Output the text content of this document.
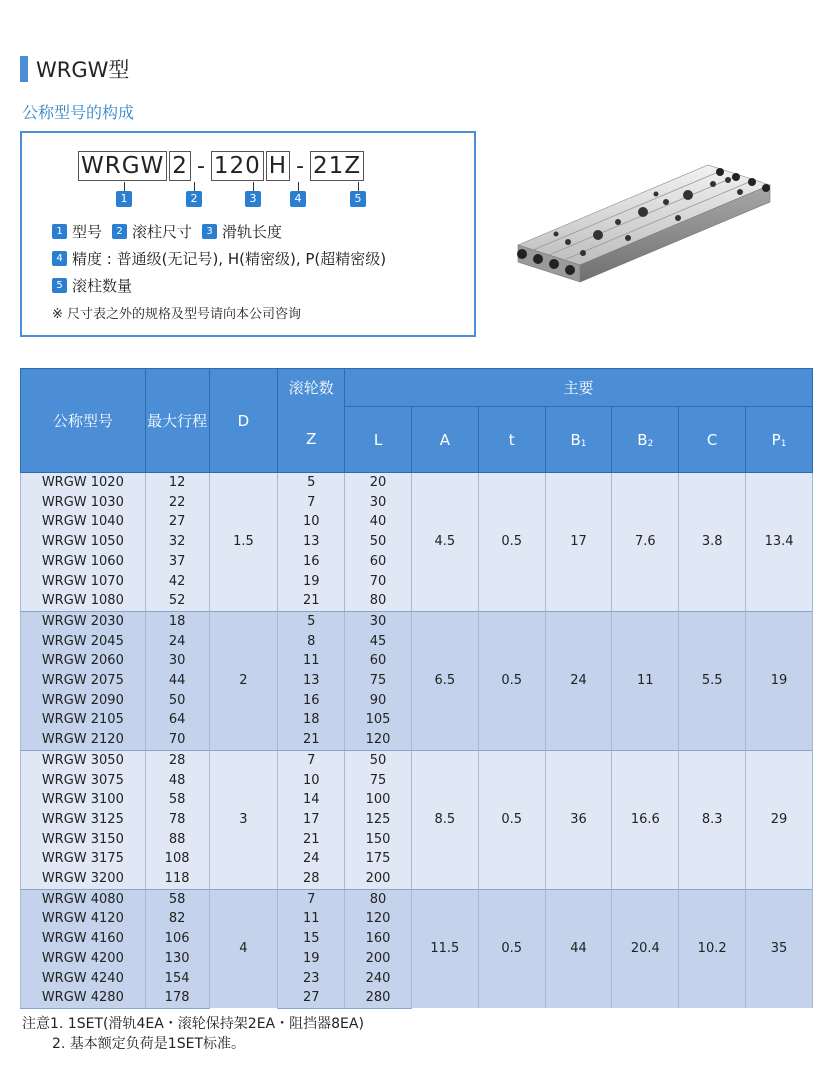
WRGW型
公称型号的构成
WRGW 2 - 120 H - 21Z
1	2	3	4	5
1 型号	2 滚柱尺寸	3 滑轨长度
4 精度 : 普通级(无记号), H(精密级), P(超精密级)
5 滚柱数量
※ 尺寸表之外的规格及型号请向本公司咨询
公称型号	最大行程	D	滚轮数	主要						
			Z	L	A	t	$B_1$	$B_2$	C	$P_1$
WRGW 1020	12	1.5	5	20	4.5	0.5	17	7.6	3.8	13.4
WRGW 1030	22		7	30						
WRGW 1040	27		10	40						
WRGW 1050	32		13	50						
WRGW 1060	37		16	60						
WRGW 1070	42		19	70						
WRGW 1080	52		21	80						
WRGW 2030	18	2	5	30	6.5	0.5	24	11	5.5	19
WRGW 2045	24		8	45						
WRGW 2060	30		11	60						
WRGW 2075	44		13	75						
WRGW 2090	50		16	90						
WRGW 2105	64		18	105						
WRGW 2120	70		21	120						
WRGW 3050	28	3	7	50	8.5	0.5	36	16.6	8.3	29
WRGW 3075	48		10	75						
WRGW 3100	58		14	100						
WRGW 3125	78		17	125						
WRGW 3150	88		21	150						
WRGW 3175	108		24	175						
WRGW 3200	118		28	200						
WRGW 4080	58	4	7	80	11.5	0.5	44	20.4	10.2	35
WRGW 4120	82		11	120						
WRGW 4160	106		15	160						
WRGW 4200	130		19	200						
WRGW 4240	154		23	240						
WRGW 4280	178		27	280						
注意1. 1SET(滑轨4EA・滚轮保持架2EA・阻挡器8EA)
2. 基本额定负荷是1SET标准。
